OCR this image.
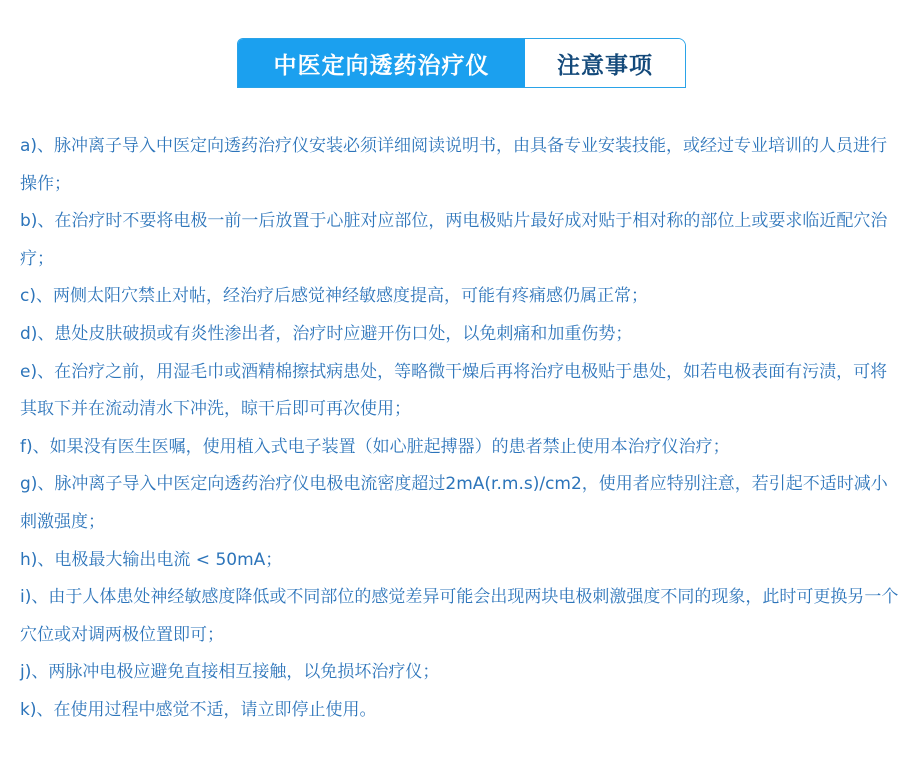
中医定向透药治疗仪	注意事项
a)、脉冲离子导入中医定向透药治疗仪安装必须详细阅读说明书，由具备专业安装技能，或经过专业培训的人员进行操作；
b)、在治疗时不要将电极一前一后放置于心脏对应部位，两电极贴片最好成对贴于相对称的部位上或要求临近配穴治疗；
c)、两侧太阳穴禁止对帖，经治疗后感觉神经敏感度提高，可能有疼痛感仍属正常；
d)、患处皮肤破损或有炎性渗出者，治疗时应避开伤口处，以免刺痛和加重伤势；
e)、在治疗之前，用湿毛巾或酒精棉擦拭病患处，等略微干燥后再将治疗电极贴于患处，如若电极表面有污渍，可将其取下并在流动清水下冲洗，晾干后即可再次使用；
f)、如果没有医生医嘱，使用植入式电子装置（如心脏起搏器）的患者禁止使用本治疗仪治疗；
g)、脉冲离子导入中医定向透药治疗仪电极电流密度超过2mA(r.m.s)/cm2，使用者应特别注意，若引起不适时减小刺激强度；
h)、电极最大输出电流 < 50mA；
i)、由于人体患处神经敏感度降低或不同部位的感觉差异可能会出现两块电极刺激强度不同的现象，此时可更换另一个穴位或对调两极位置即可；
j)、两脉冲电极应避免直接相互接触，以免损坏治疗仪；
k)、在使用过程中感觉不适，请立即停止使用。
